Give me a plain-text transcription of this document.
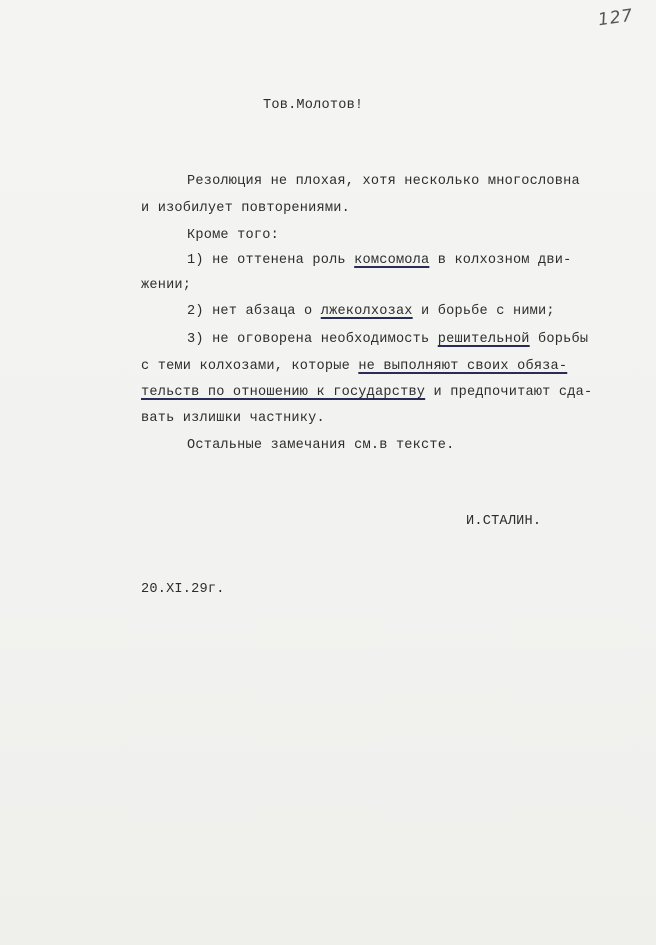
127
Тов.Молотов!
Резолюция не плохая, хотя несколько многословна
и изобилует повторениями.
Кроме того:
1) не оттенена роль комсомола в колхозном дви-
жении;
2) нет абзаца о лжеколхозах и борьбе с ними;
3) не оговорена необходимость решительной борьбы
с теми колхозами, которые не выполняют своих обяза-
тельств по отношению к государству и предпочитают сда-
вать излишки частнику.
Остальные замечания см.в тексте.
И.СТАЛИН.
20.XI.29г.
